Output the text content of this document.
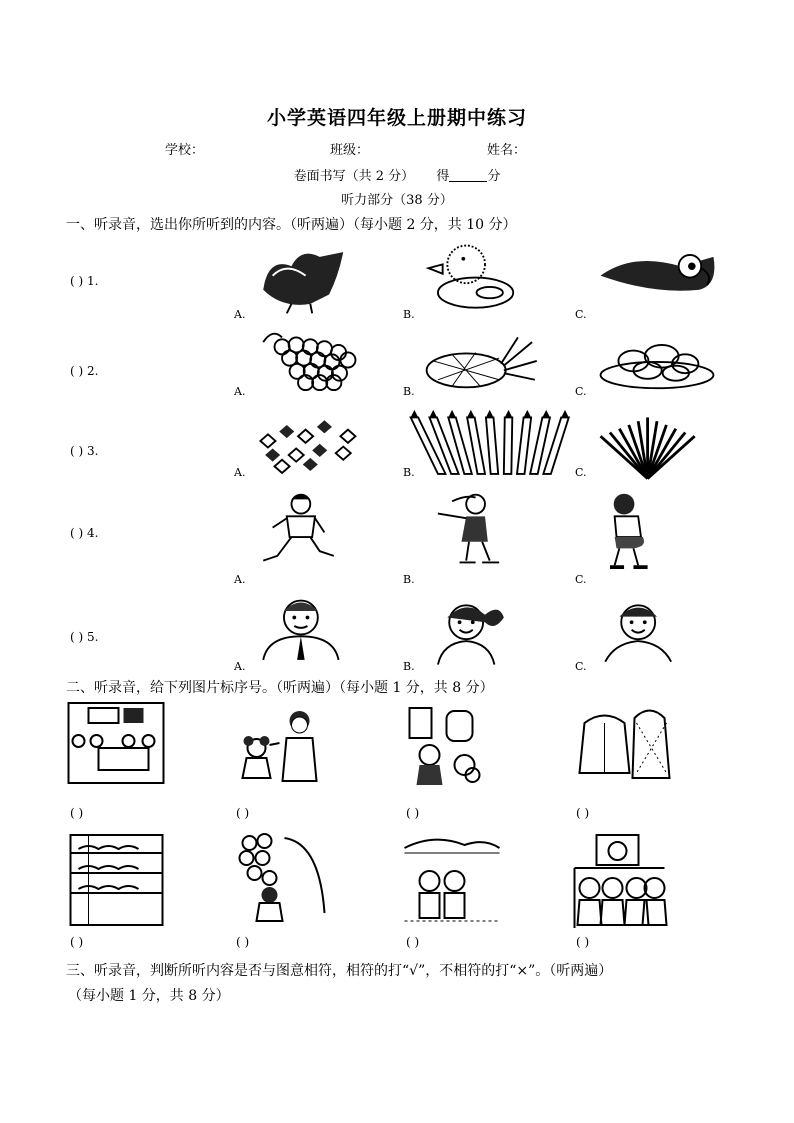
小学英语四年级上册期中练习
学校：	班级：	姓名：
卷面书写（共 2 分） 得	分
听力部分（38 分）
一、听录音，选出你所听到的内容。（听两遍）（每小题 2 分，共 10 分）
( ) 1.
A.	B.	C.
( ) 2.
A.	B.	C.
( ) 3.
A.	B.	C.
( ) 4.
A.	B.	C.
( ) 5.
A.	B.	C.
二、听录音，给下列图片标序号。（听两遍）（每小题 1 分，共 8 分）
( )	( )	( )	( )
( )	( )	( )	( )
三、听录音，判断所听内容是否与图意相符，相符的打“√”，不相符的打“×”。（听两遍）
（每小题 1 分，共 8 分）
